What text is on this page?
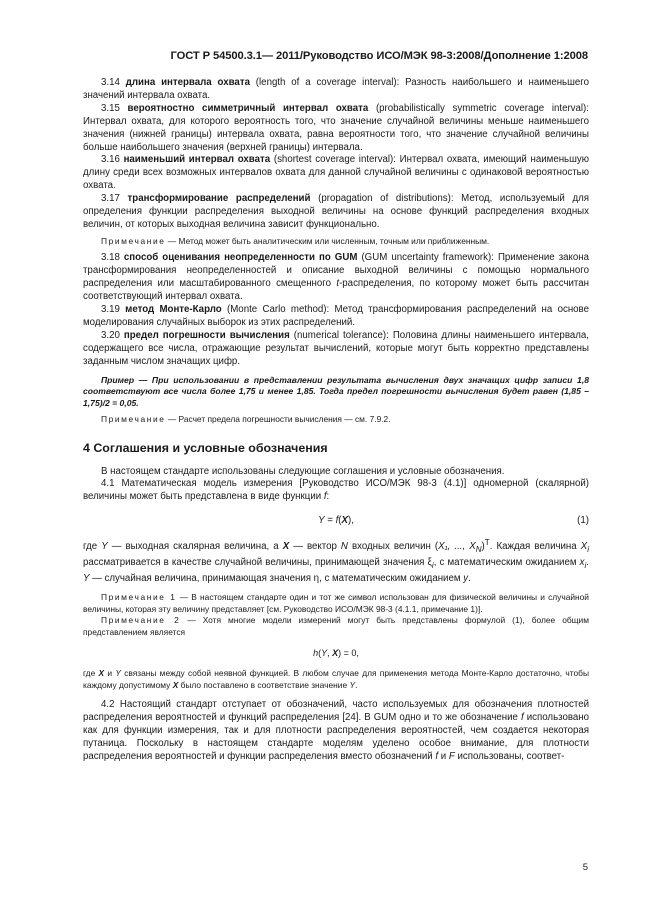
ГОСТ Р 54500.3.1— 2011/Руководство ИСО/МЭК 98-3:2008/Дополнение 1:2008

3.14 длина интервала охвата (length of a coverage interval): Разность наибольшего и наименьшего значений интервала охвата.

3.15 вероятностно симметричный интервал охвата (probabilistically symmetric coverage interval): Интервал охвата, для которого вероятность того, что значение случайной величины меньше наименьшего значения (нижней границы) интервала охвата, равна вероятности того, что значение случайной величины больше наибольшего значения (верхней границы) интервала.

3.16 наименьший интервал охвата (shortest coverage interval): Интервал охвата, имеющий наименьшую длину среди всех возможных интервалов охвата для данной случайной величины с одинаковой вероятностью охвата.

3.17 трансформирование распределений (propagation of distributions): Метод, используемый для определения функции распределения выходной величины на основе функций распределения входных величин, от которых выходная величина зависит функционально.

Примечание — Метод может быть аналитическим или численным, точным или приближенным.

3.18 способ оценивания неопределенности по GUM (GUM uncertainty framework): Применение закона трансформирования неопределенностей и описание выходной величины с помощью нормального распределения или масштабированного смещенного t-распределения, по которому может быть рассчитан соответствующий интервал охвата.

3.19 метод Монте-Карло (Monte Carlo method): Метод трансформирования распределений на основе моделирования случайных выборок из этих распределений.

3.20 предел погрешности вычисления (numerical tolerance): Половина длины наименьшего интервала, содержащего все числа, отражающие результат вычислений, которые могут быть корректно представлены заданным числом значащих цифр.

Пример — При использовании в представлении результата вычисления двух значащих цифр записи 1,8 соответствуют все числа более 1,75 и менее 1,85. Тогда предел погрешности вычисления будет равен (1,85 – 1,75)/2 = 0,05.

Примечание — Расчет предела погрешности вычисления — см. 7.9.2.

4 Соглашения и условные обозначения

В настоящем стандарте использованы следующие соглашения и условные обозначения.

4.1 Математическая модель измерения [Руководство ИСО/МЭК 98-3 (4.1)] одномерной (скалярной) величины может быть представлена в виде функции f:

Y = f(X),	(1)

где Y — выходная скалярная величина, а X — вектор N входных величин (X₁, ..., $X_N)^T$. Каждая величина $X_i$ рассматривается в качестве случайной величины, принимающей значения $\xi_i$, с математическим ожиданием $x_i$. Y — случайная величина, принимающая значения η, с математическим ожиданием y.

Примечание 1 — В настоящем стандарте один и тот же символ использован для физической величины и случайной величины, которая эту величину представляет [см. Руководство ИСО/МЭК 98-3 (4.1.1, примечание 1)].

Примечание 2 — Хотя многие модели измерений могут быть представлены формулой (1), более общим представлением является

h(Y, X) = 0,

где X и Y связаны между собой неявной функцией. В любом случае для применения метода Монте-Карло достаточно, чтобы каждому допустимому X было поставлено в соответствие значение Y.

4.2 Настоящий стандарт отступает от обозначений, часто используемых для обозначения плотностей распределения вероятностей и функций распределения [24]. В GUM одно и то же обозначение f использовано как для функции измерения, так и для плотности распределения вероятностей, чем создается некоторая путаница. Поскольку в настоящем стандарте моделям уделено особое внимание, для плотности распределения вероятностей и функции распределения вместо обозначений f и F использованы, соответ-

5
